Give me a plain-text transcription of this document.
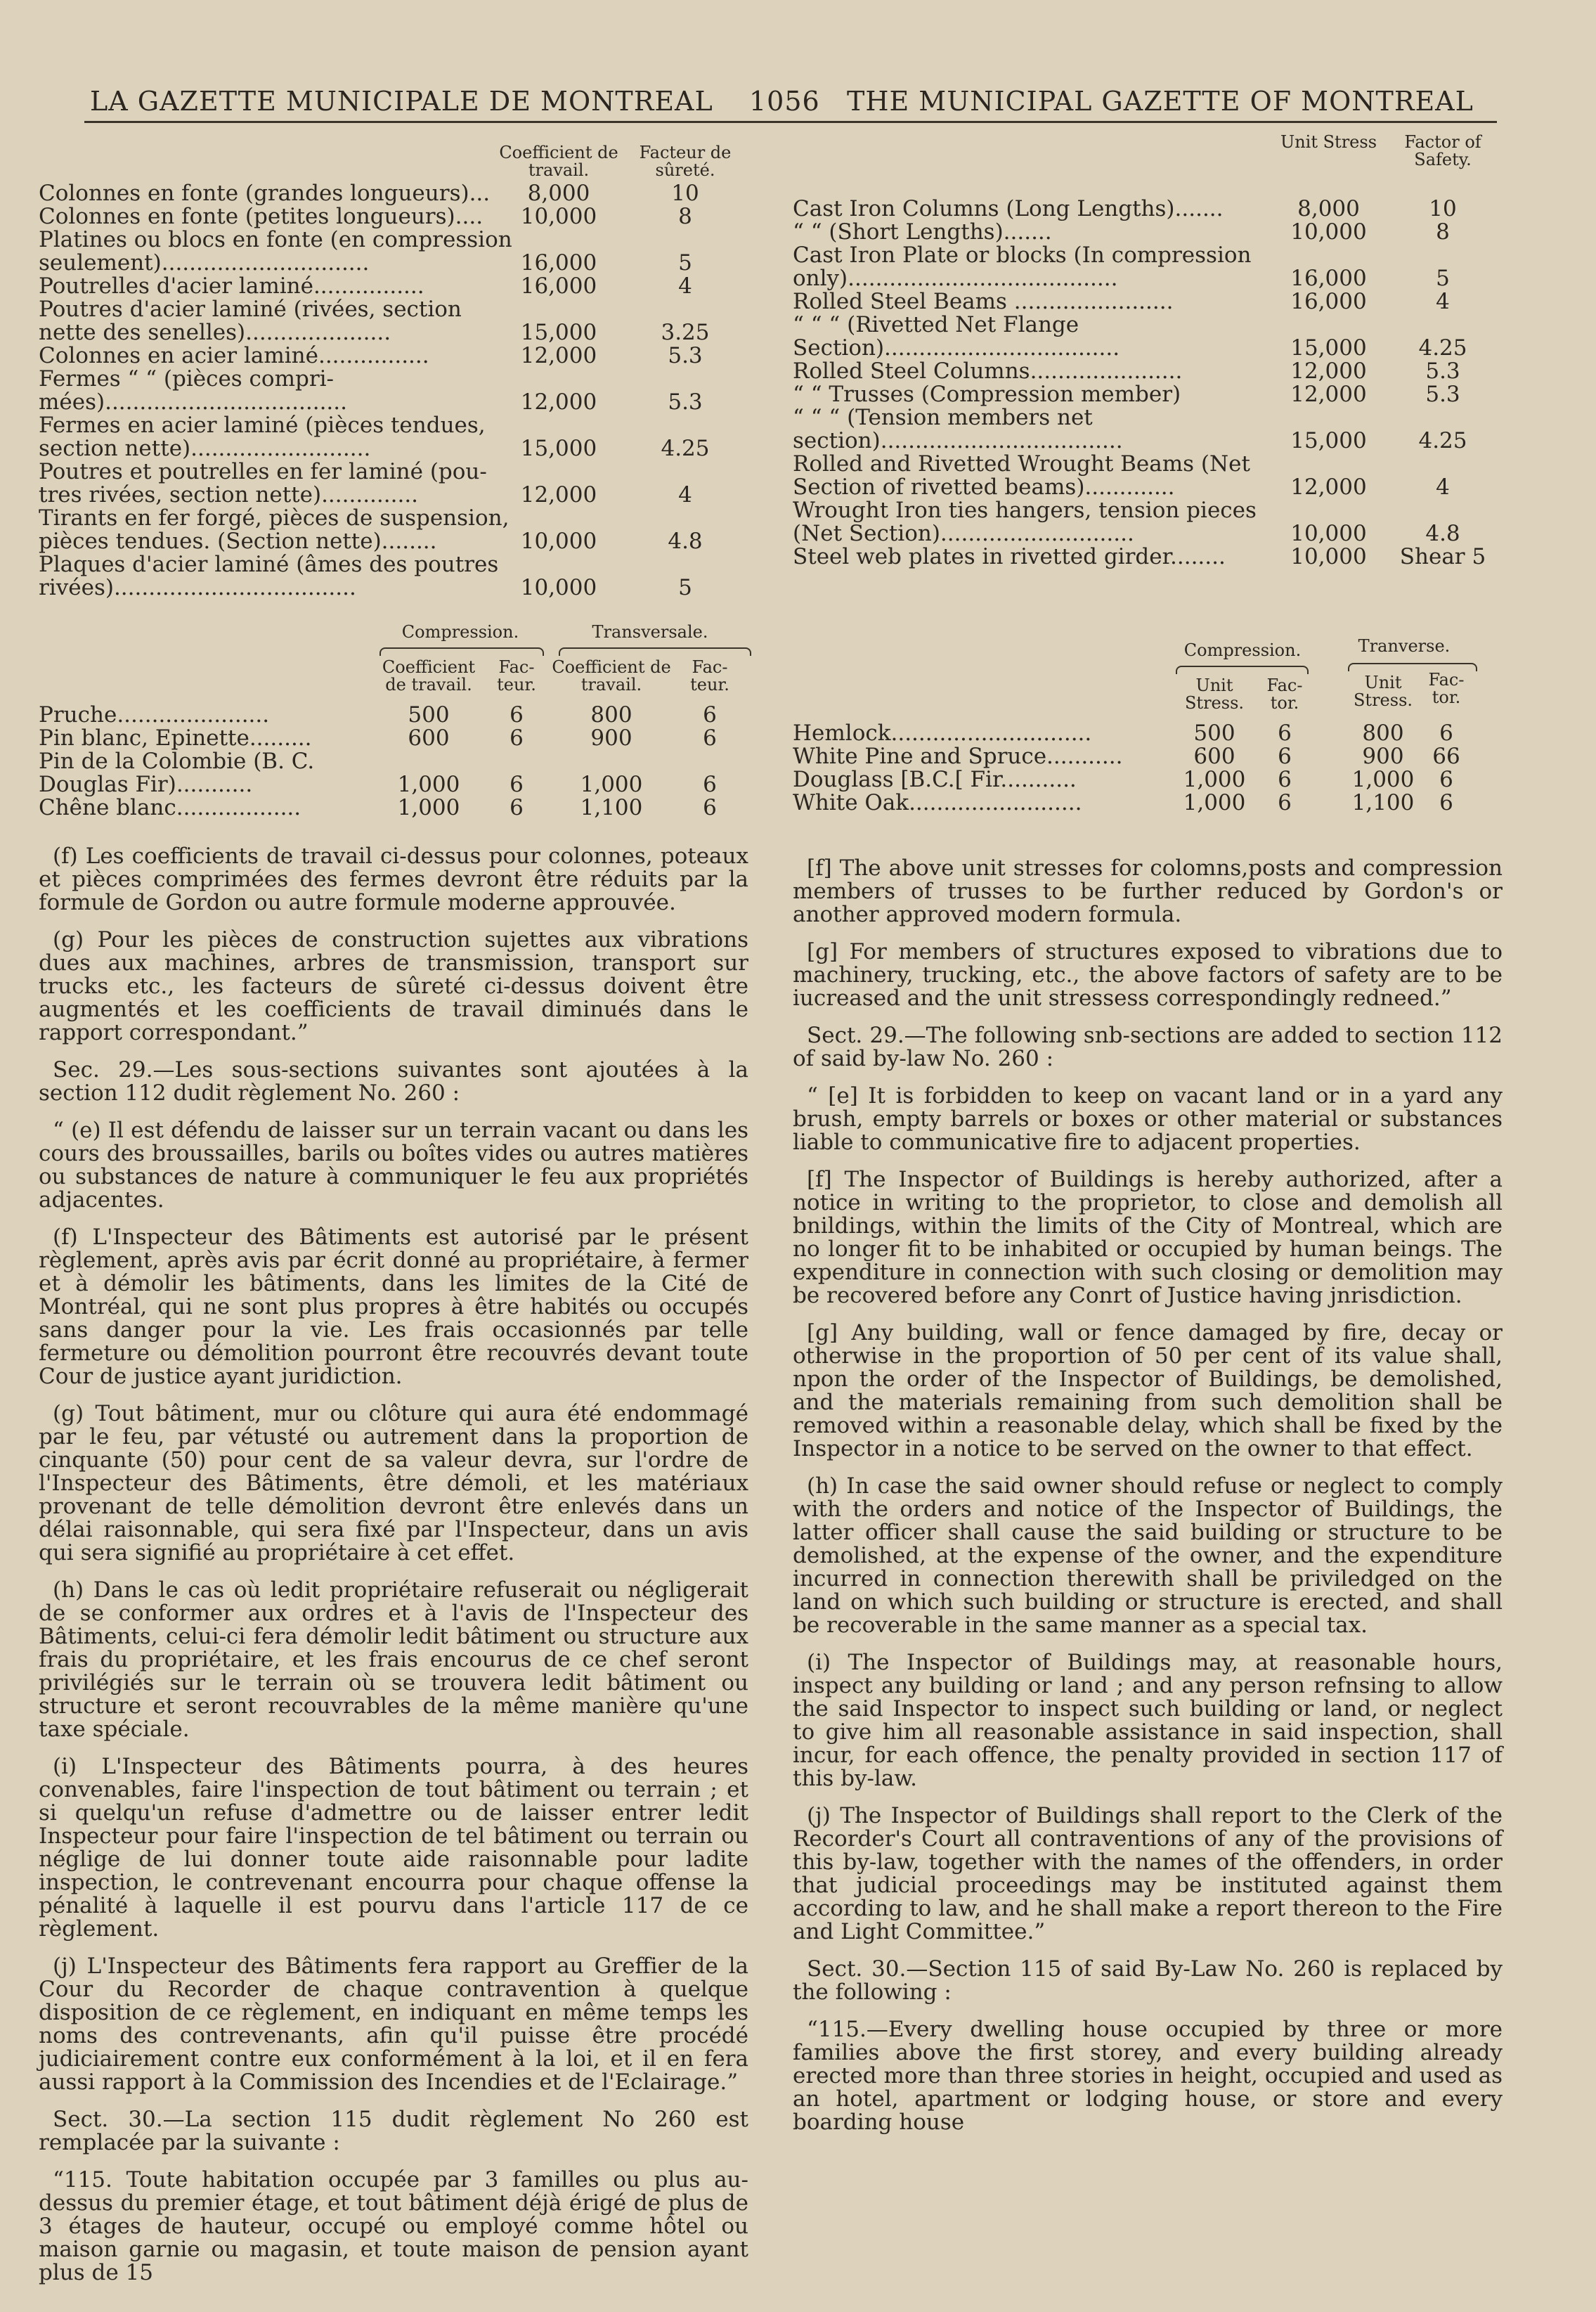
LA GAZETTE MUNICIPALE DE MONTREAL 1056 THE MUNICIPAL GAZETTE OF MONTREAL
Coefficient de travail.
Facteur de sûreté.
Colonnes en fonte (grandes longueurs)...	8,000	10
Colonnes en fonte (petites longueurs)....	10,000	8
Platines ou blocs en fonte (en compression
seulement)..............................	16,000	5
Poutrelles d'acier laminé................	16,000	4
Poutres d'acier laminé (rivées, section
nette des senelles).....................	15,000	3.25
Colonnes en acier laminé................	12,000	5.3
Fermes “ “ (pièces compri-
mées)...................................	12,000	5.3
Fermes en acier laminé (pièces tendues,
section nette)..........................	15,000	4.25
Poutres et poutrelles en fer laminé (pou-
tres rivées, section nette)..............	12,000	4
Tirants en fer forgé, pièces de suspension,
pièces tendues. (Section nette)........	10,000	4.8
Plaques d'acier laminé (âmes des poutres
rivées)...................................	10,000	5
Compression.	Transversale.
Coefficient de travail.
Fac- teur.
Coefficient de travail.
Fac- teur.
Pruche......................	500	6	800	6
Pin blanc, Epinette.........	600	6	900	6
Pin de la Colombie (B. C.
Douglas Fir)...........	1,000	6	1,000	6
Chêne blanc..................	1,000	6	1,100	6

(f) Les coefficients de travail ci-dessus pour colonnes, poteaux et pièces comprimées des fermes devront être réduits par la formule de Gordon ou autre formule moderne approuvée.

(g) Pour les pièces de construction sujettes aux vibrations dues aux machines, arbres de transmission, transport sur trucks etc., les facteurs de sûreté ci-dessus doivent être augmentés et les coefficients de travail diminués dans le rapport correspondant.”

Sec. 29.—Les sous-sections suivantes sont ajoutées à la section 112 dudit règlement No. 260 :

“ (e) Il est défendu de laisser sur un terrain vacant ou dans les cours des broussailles, barils ou boîtes vides ou autres matières ou substances de nature à communiquer le feu aux propriétés adjacentes.

(f) L'Inspecteur des Bâtiments est autorisé par le présent règlement, après avis par écrit donné au propriétaire, à fermer et à démolir les bâtiments, dans les limites de la Cité de Montréal, qui ne sont plus propres à être habités ou occupés sans danger pour la vie. Les frais occasionnés par telle fermeture ou démolition pourront être recouvrés devant toute Cour de justice ayant juridiction.

(g) Tout bâtiment, mur ou clôture qui aura été endommagé par le feu, par vétusté ou autrement dans la proportion de cinquante (50) pour cent de sa valeur devra, sur l'ordre de l'Inspecteur des Bâtiments, être démoli, et les matériaux provenant de telle démolition devront être enlevés dans un délai raisonnable, qui sera fixé par l'Inspecteur, dans un avis qui sera signifié au propriétaire à cet effet.

(h) Dans le cas où ledit propriétaire refuserait ou négligerait de se conformer aux ordres et à l'avis de l'Inspecteur des Bâtiments, celui-ci fera démolir ledit bâtiment ou structure aux frais du propriétaire, et les frais encourus de ce chef seront privilégiés sur le terrain où se trouvera ledit bâtiment ou structure et seront recouvrables de la même manière qu'une taxe spéciale.

(i) L'Inspecteur des Bâtiments pourra, à des heures convenables, faire l'inspection de tout bâtiment ou terrain ; et si quelqu'un refuse d'admettre ou de laisser entrer ledit Inspecteur pour faire l'inspection de tel bâtiment ou terrain ou néglige de lui donner toute aide raisonnable pour ladite inspection, le contrevenant encourra pour chaque offense la pénalité à laquelle il est pourvu dans l'article 117 de ce règlement.

(j) L'Inspecteur des Bâtiments fera rapport au Greffier de la Cour du Recorder de chaque contravention à quelque disposition de ce règlement, en indiquant en même temps les noms des contrevenants, afin qu'il puisse être procédé judiciairement contre eux conformément à la loi, et il en fera aussi rapport à la Commission des Incendies et de l'Eclairage.”

Sect. 30.—La section 115 dudit règlement No 260 est remplacée par la suivante :

“115. Toute habitation occupée par 3 familles ou plus au-dessus du premier étage, et tout bâtiment déjà érigé de plus de 3 étages de hauteur, occupé ou employé comme hôtel ou maison garnie ou magasin, et toute maison de pension ayant plus de 15

Unit Stress	Factor of Safety.
Cast Iron Columns (Long Lengths).......	8,000	10
“ “ (Short Lengths).......	10,000	8
Cast Iron Plate or blocks (In compression
only).......................................	16,000	5
Rolled Steel Beams .......................	16,000	4
“ “ “ (Rivetted Net Flange
Section)..................................	15,000	4.25
Rolled Steel Columns......................	12,000	5.3
“ “ Trusses (Compression member)	12,000	5.3
“ “ “ (Tension members net
section)...................................	15,000	4.25
Rolled and Rivetted Wrought Beams (Net
Section of rivetted beams).............	12,000	4
Wrought Iron ties hangers, tension pieces
(Net Section)............................	10,000	4.8
Steel web plates in rivetted girder........	10,000	Shear 5
Compression.	Tranverse.
Unit Stress.
Fac- tor.
Unit Stress.
Fac- tor.
Hemlock.............................	500	6	800	6
White Pine and Spruce...........	600	6	900	66
Douglass [B.C.[ Fir...........	1,000	6	1,000	6
White Oak.........................	1,000	6	1,100	6

[f] The above unit stresses for colomns,posts and compression members of trusses to be further reduced by Gordon's or another approved modern formula.

[g] For members of structures exposed to vibrations due to machinery, trucking, etc., the above factors of safety are to be iucreased and the unit stressess correspondingly redneed.”

Sect. 29.—The following snb-sections are added to section 112 of said by-law No. 260 :

“ [e] It is forbidden to keep on vacant land or in a yard any brush, empty barrels or boxes or other material or substances liable to communicative fire to adjacent properties.

[f] The Inspector of Buildings is hereby authorized, after a notice in writing to the proprietor, to close and demolish all bnildings, within the limits of the City of Montreal, which are no longer fit to be inhabited or occupied by human beings. The expenditure in connection with such closing or demolition may be recovered before any Conrt of Justice having jnrisdiction.

[g] Any building, wall or fence damaged by fire, decay or otherwise in the proportion of 50 per cent of its value shall, npon the order of the Inspector of Buildings, be demolished, and the materials remaining from such demolition shall be removed within a reasonable delay, which shall be fixed by the Inspector in a notice to be served on the owner to that effect.

(h) In case the said owner should refuse or neglect to comply with the orders and notice of the Inspector of Buildings, the latter officer shall cause the said building or structure to be demolished, at the expense of the owner, and the expenditure incurred in connection therewith shall be priviledged on the land on which such building or structure is erected, and shall be recoverable in the same manner as a special tax.

(i) The Inspector of Buildings may, at reasonable hours, inspect any building or land ; and any person refnsing to allow the said Inspector to inspect such building or land, or neglect to give him all reasonable assistance in said inspection, shall incur, for each offence, the penalty provided in section 117 of this by-law.

(j) The Inspector of Buildings shall report to the Clerk of the Recorder's Court all contraventions of any of the provisions of this by-law, together with the names of the offenders, in order that judicial proceedings may be instituted against them according to law, and he shall make a report thereon to the Fire and Light Committee.”

Sect. 30.—Section 115 of said By-Law No. 260 is replaced by the following :

“115.—Every dwelling house occupied by three or more families above the first storey, and every building already erected more than three stories in height, occupied and used as an hotel, apartment or lodging house, or store and every boarding house
